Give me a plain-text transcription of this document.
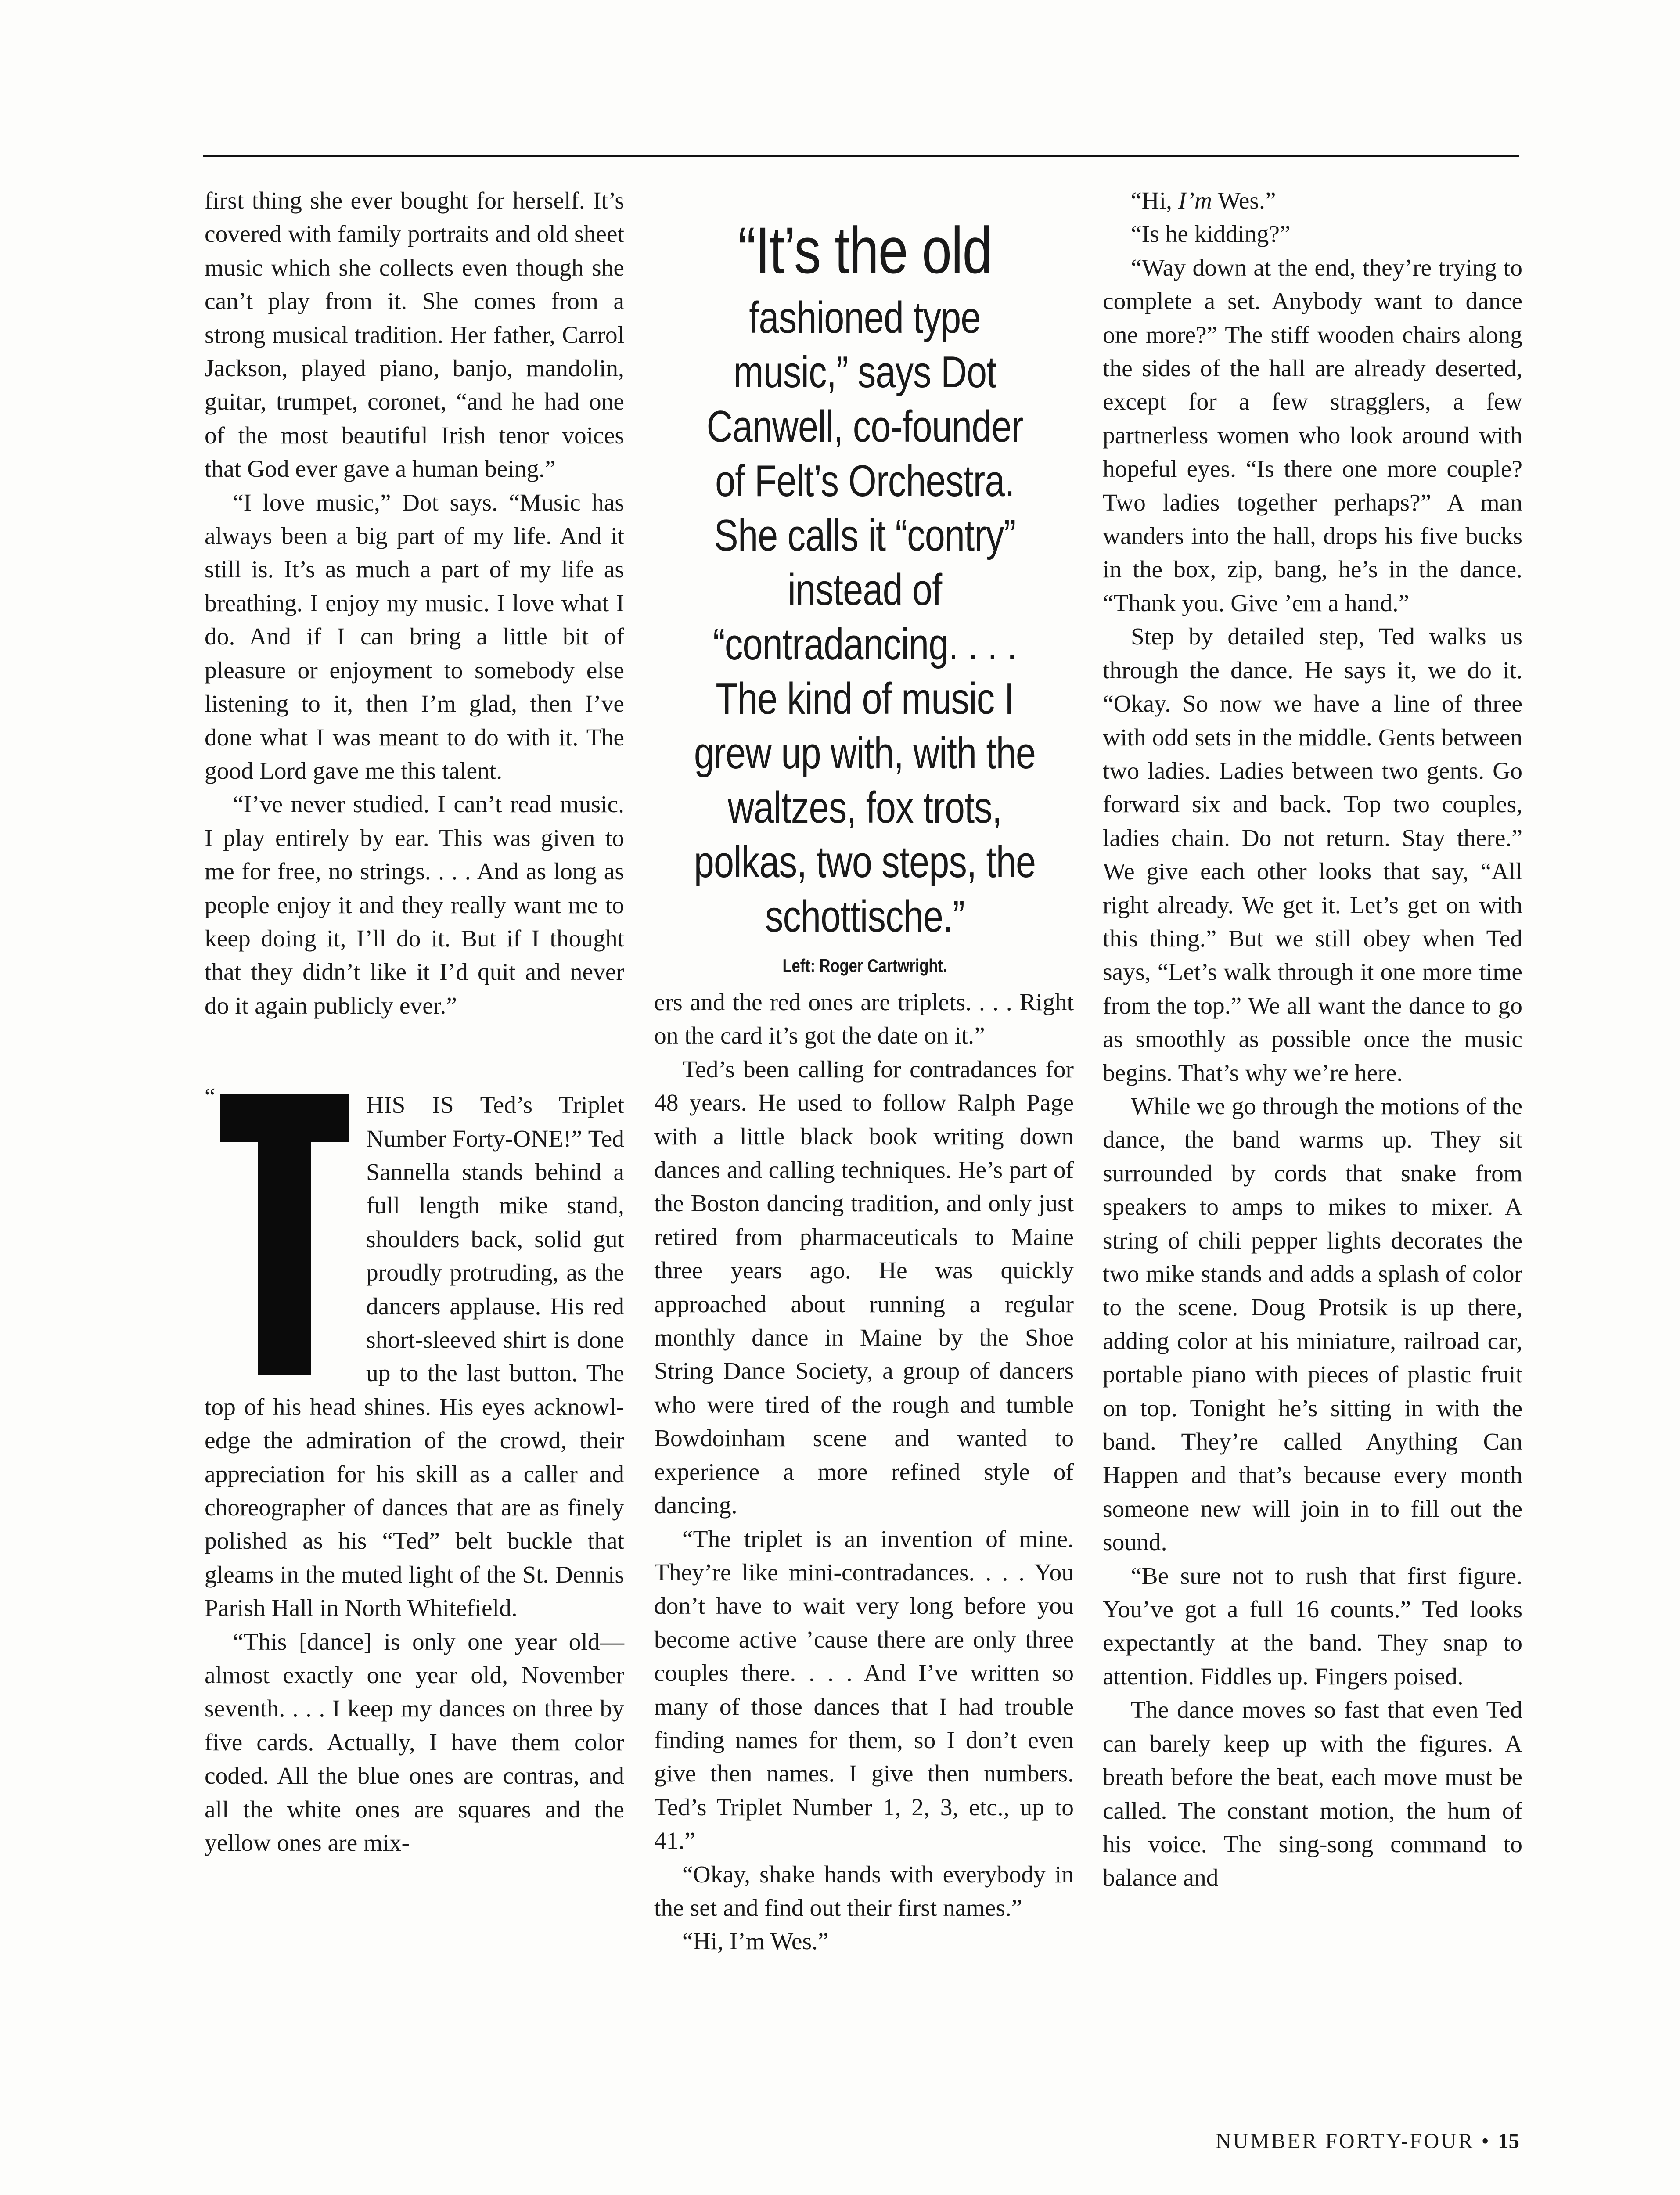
first thing she ever bought for herself. It’s covered with family portraits and old sheet music which she collects even though she can’t play from it. She comes from a strong musical tradition. Her father, Carrol Jackson, played piano, banjo, mandolin, guitar, trumpet, coronet, “and he had one of the most beautiful Irish tenor voices that God ever gave a human being.”

“I love music,” Dot says. “Music has always been a big part of my life. And it still is. It’s as much a part of my life as breathing. I enjoy my music. I love what I do. And if I can bring a little bit of pleasure or enjoyment to somebody else listening to it, then I’m glad, then I’ve done what I was meant to do with it. The good Lord gave me this talent.

“I’ve never studied. I can’t read music. I play entirely by ear. This was given to me for free, no strings. . . . And as long as people enjoy it and they really want me to keep doing it, I’ll do it. But if I thought that they didn’t like it I’d quit and never do it again publicly ever.”

“	HIS IS Ted’s Triplet Number Forty-ONE!” Ted Sannella stands behind a full length mike stand, shoulders back, solid gut proudly protruding, as the dancers applause. His red short-sleeved shirt is done up to the last button. The top of his head shines. His eyes acknowledge the admiration of the crowd, their appreciation for his skill as a caller and choreographer of dances that are as finely polished as his “Ted” belt buckle that gleams in the muted light of the St. Dennis Parish Hall in North Whitefield.

“This [dance] is only one year old—almost exactly one year old, November seventh. . . . I keep my dances on three by five cards. Actually, I have them color coded. All the blue ones are contras, and all the white ones are squares and the yellow ones are mix-

“It’s the old
fashioned type music,” says Dot Canwell, co-founder of Felt’s Orchestra. She calls it “contry” instead of “contradancing. . . . The kind of music I grew up with, with the waltzes, fox trots, polkas, two steps, the schottische.”
Left: Roger Cartwright.

ers and the red ones are triplets. . . . Right on the card it’s got the date on it.”

Ted’s been calling for contradances for 48 years. He used to follow Ralph Page with a little black book writing down dances and calling techniques. He’s part of the Boston dancing tradition, and only just retired from pharmaceuticals to Maine three years ago. He was quickly approached about running a regular monthly dance in Maine by the Shoe String Dance Society, a group of dancers who were tired of the rough and tumble Bowdoinham scene and wanted to experience a more refined style of dancing.

“The triplet is an invention of mine. They’re like mini-contradances. . . . You don’t have to wait very long before you become active ’cause there are only three couples there. . . . And I’ve written so many of those dances that I had trouble finding names for them, so I don’t even give then names. I give then numbers. Ted’s Triplet Number 1, 2, 3, etc., up to 41.”

“Okay, shake hands with everybody in the set and find out their first names.”

“Hi, I’m Wes.”

“Hi, I’m Wes.”

“Is he kidding?”

“Way down at the end, they’re trying to complete a set. Anybody want to dance one more?” The stiff wooden chairs along the sides of the hall are already deserted, except for a few stragglers, a few partnerless women who look around with hopeful eyes. “Is there one more couple? Two ladies together perhaps?” A man wanders into the hall, drops his five bucks in the box, zip, bang, he’s in the dance. “Thank you. Give ’em a hand.”

Step by detailed step, Ted walks us through the dance. He says it, we do it. “Okay. So now we have a line of three with odd sets in the middle. Gents between two ladies. Ladies between two gents. Go forward six and back. Top two couples, ladies chain. Do not return. Stay there.” We give each other looks that say, “All right already. We get it. Let’s get on with this thing.” But we still obey when Ted says, “Let’s walk through it one more time from the top.” We all want the dance to go as smoothly as possible once the music begins. That’s why we’re here.

While we go through the motions of the dance, the band warms up. They sit surrounded by cords that snake from speakers to amps to mikes to mixer. A string of chili pepper lights decorates the two mike stands and adds a splash of color to the scene. Doug Protsik is up there, adding color at his miniature, railroad car, portable piano with pieces of plastic fruit on top. Tonight he’s sitting in with the band. They’re called Anything Can Happen and that’s because every month someone new will join in to fill out the sound.

“Be sure not to rush that first figure. You’ve got a full 16 counts.” Ted looks expectantly at the band. They snap to attention. Fiddles up. Fingers poised.

The dance moves so fast that even Ted can barely keep up with the figures. A breath before the beat, each move must be called. The constant motion, the hum of his voice. The sing-song command to balance and

NUMBER FORTY-FOUR • 15
